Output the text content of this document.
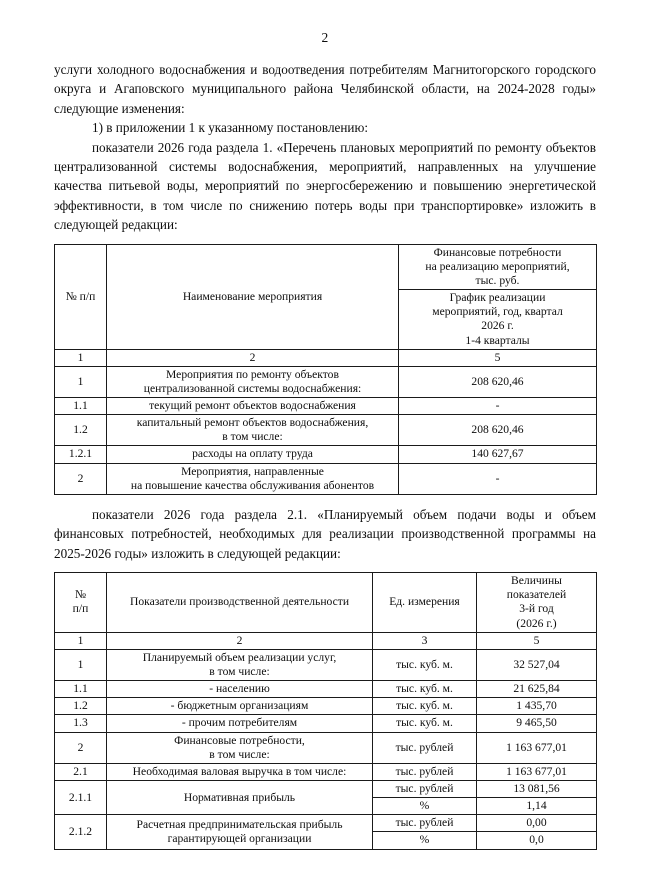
2

услуги холодного водоснабжения и водоотведения потребителям Магнитогорского городского округа и Агаповского муниципального района Челябинской области, на 2024-2028 годы» следующие изменения:

1) в приложении 1 к указанному постановлению:

показатели 2026 года раздела 1. «Перечень плановых мероприятий по ремонту объектов централизованной системы водоснабжения, мероприятий, направленных на улучшение качества питьевой воды, мероприятий по энергосбережению и повышению энергетической эффективности, в том числе по снижению потерь воды при транспортировке» изложить в следующей редакции:

№ п/п	Наименование мероприятия	Финансовые потребности
на реализацию мероприятий,
тыс. руб.

		График реализации
мероприятий, год, квартал
2026 г.
1-4 кварталы

1	2	5
1	Мероприятия по ремонту объектов
централизованной системы водоснабжения:	208 620,46
1.1	текущий ремонт объектов водоснабжения	-
1.2	капитальный ремонт объектов водоснабжения,
в том числе:	208 620,46
1.2.1	расходы на оплату труда	140 627,67
2	Мероприятия, направленные
на повышение качества обслуживания абонентов	-

показатели 2026 года раздела 2.1. «Планируемый объем подачи воды и объем финансовых потребностей, необходимых для реализации производственной программы на 2025-2026 годы» изложить в следующей редакции:

№
п/п	Показатели производственной деятельности	Ед. измерения	Величины
показателей
3-й год
(2026 г.)

1	2	3	5
1	Планируемый объем реализации услуг,
в том числе:	тыс. куб. м.	32 527,04
1.1	- населению	тыс. куб. м.	21 625,84
1.2	- бюджетным организациям	тыс. куб. м.	1 435,70
1.3	- прочим потребителям	тыс. куб. м.	9 465,50
2	Финансовые потребности,
в том числе:	тыс. рублей	1 163 677,01
2.1	Необходимая валовая выручка в том числе:	тыс. рублей	1 163 677,01
2.1.1	Нормативная прибыль	тыс. рублей	13 081,56
		%	1,14
2.1.2	Расчетная предпринимательская прибыль
гарантирующей организации	тыс. рублей	0,00
		%	0,0
